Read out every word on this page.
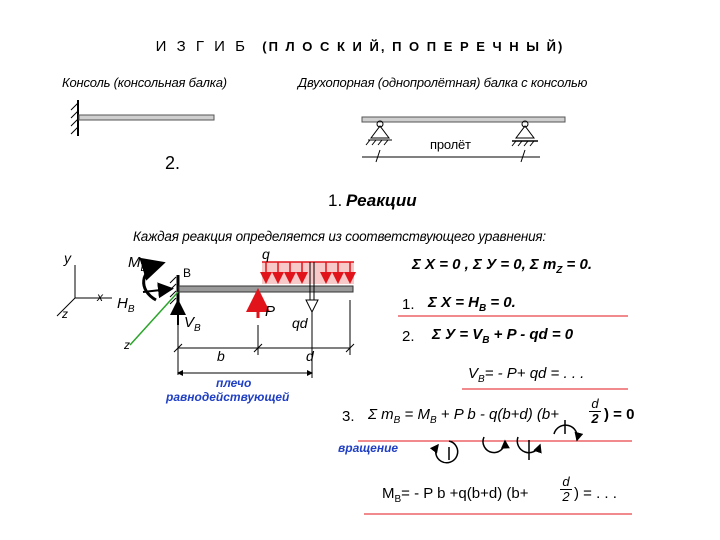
И З Г И Б (П Л О С К И Й, П О П Е Р Е Ч Н Ы Й)
Консоль (консольная балка)	Двухопорная (однопролётная) балка с консолью
пролёт
2.
1. Реакции
Каждая реакция определяется из соответствующего уравнения:
y
x
z
z
$M_B$	B
$H_B$
$V_B$
q
P
qd
b	d
плечо
равнодействующей
Σ X = 0 , Σ У = 0, Σ $m_Z = 0$.
1. Σ $X = H_B = 0$.
2. Σ $У = V_B + P$ - qd = 0
$V_B= - P+$ qd = . . .
3. Σ $m_B = M_B + P$ b - q(b+d) (b+
d
2 ) = 0
вращение
$M_B= - P$ b +q(b+d) (b+
d
2 ) = . . .
